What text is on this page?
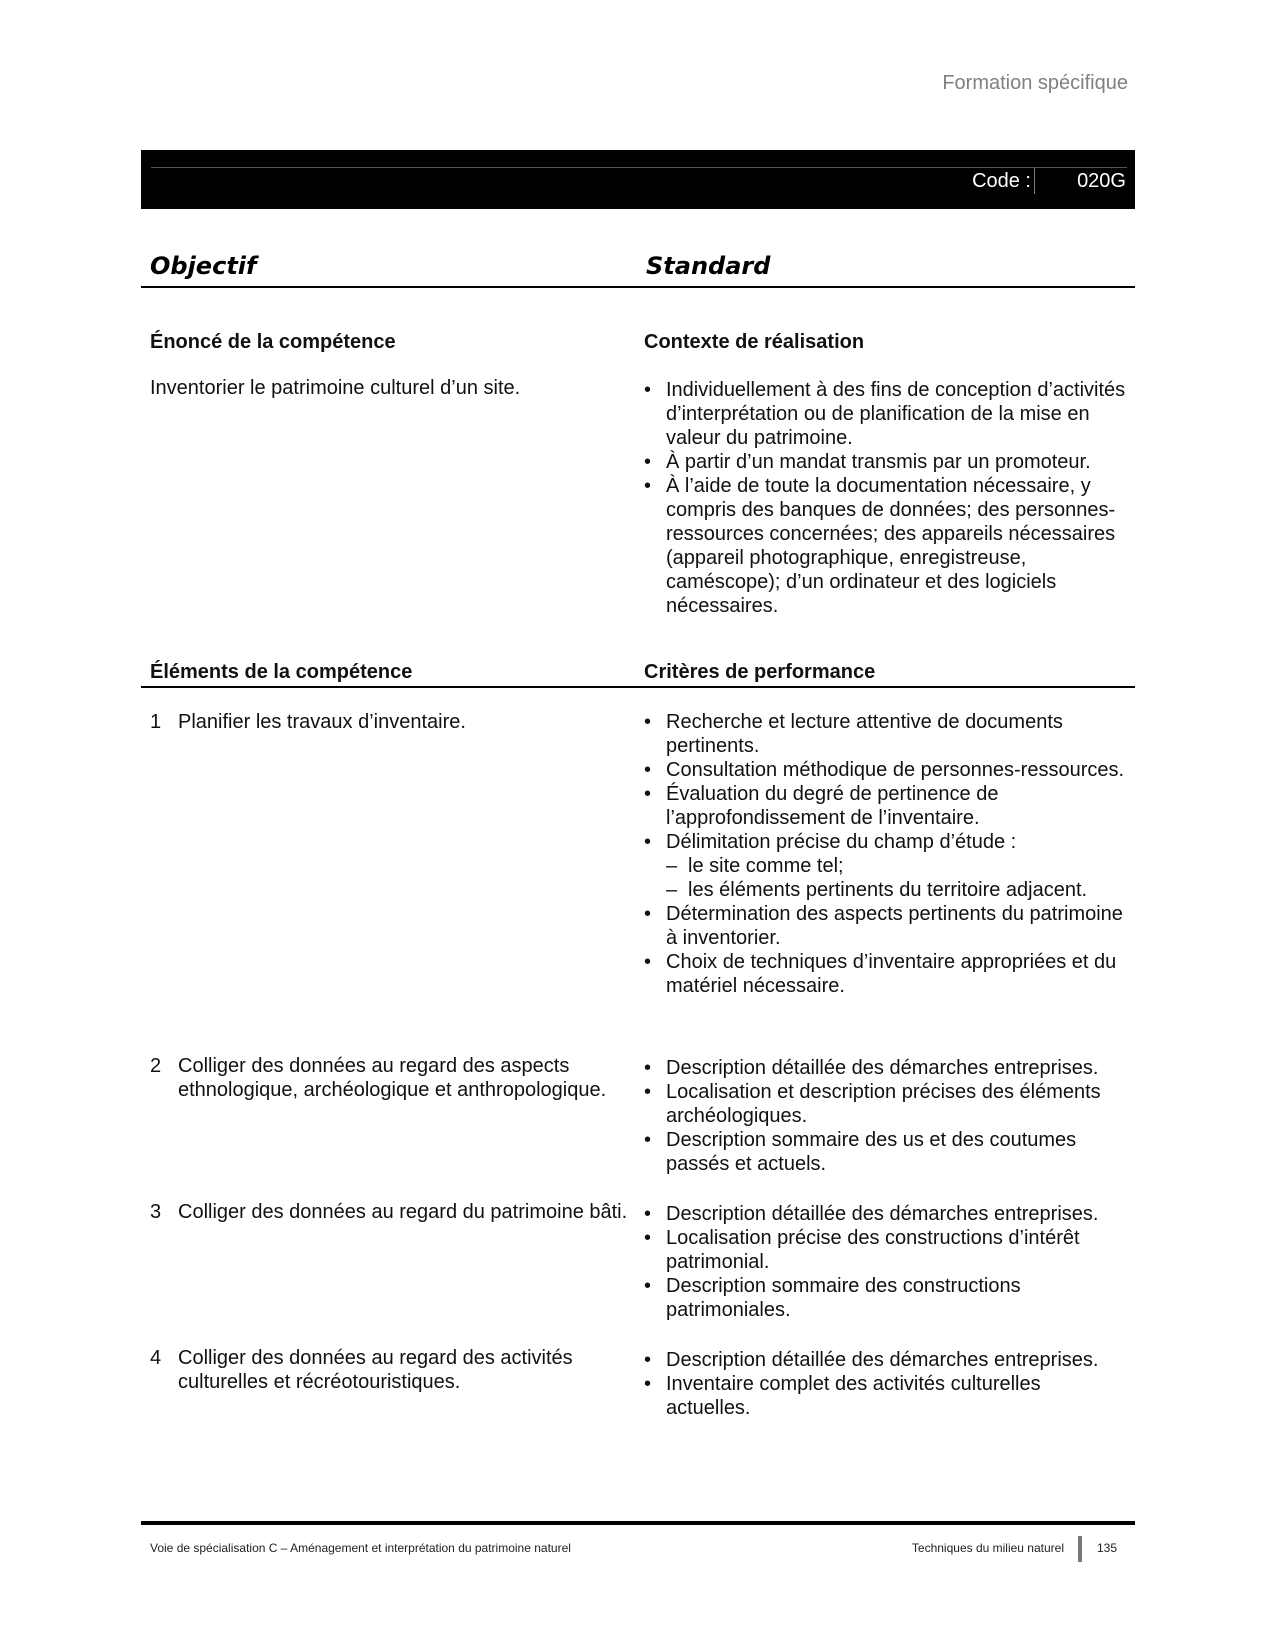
Formation spécifique
Code : 020G
Objectif	Standard
Énoncé de la compétence	Contexte de réalisation
Inventorier le patrimoine culturel d’un site.	• Individuellement à des fins de conception d’activités d’interprétation ou de planification de la mise en valeur du patrimoine.
• À partir d’un mandat transmis par un promoteur.
• À l’aide de toute la documentation nécessaire, y compris des banques de données; des personnes-ressources concernées; des appareils nécessaires (appareil photographique, enregistreuse, caméscope); d’un ordinateur et des logiciels nécessaires.
Éléments de la compétence	Critères de performance
1 Planifier les travaux d’inventaire.	• Recherche et lecture attentive de documents pertinents.
• Consultation méthodique de personnes-ressources.
• Évaluation du degré de pertinence de l’approfondissement de l’inventaire.
• Délimitation précise du champ d’étude :
– le site comme tel;
– les éléments pertinents du territoire adjacent.
• Détermination des aspects pertinents du patrimoine à inventorier.
• Choix de techniques d’inventaire appropriées et du matériel nécessaire.
2 Colliger des données au regard des aspects ethnologique, archéologique et anthropologique.
• Description détaillée des démarches entreprises.
• Localisation et description précises des éléments archéologiques.
• Description sommaire des us et des coutumes passés et actuels.
3 Colliger des données au regard du patrimoine bâti.	• Description détaillée des démarches entreprises.
• Localisation précise des constructions d’intérêt patrimonial.
• Description sommaire des constructions patrimoniales.
4 Colliger des données au regard des activités culturelles et récréotouristiques.
• Description détaillée des démarches entreprises.
• Inventaire complet des activités culturelles actuelles.
Voie de spécialisation C – Aménagement et interprétation du patrimoine naturel	Techniques du milieu naturel	135
